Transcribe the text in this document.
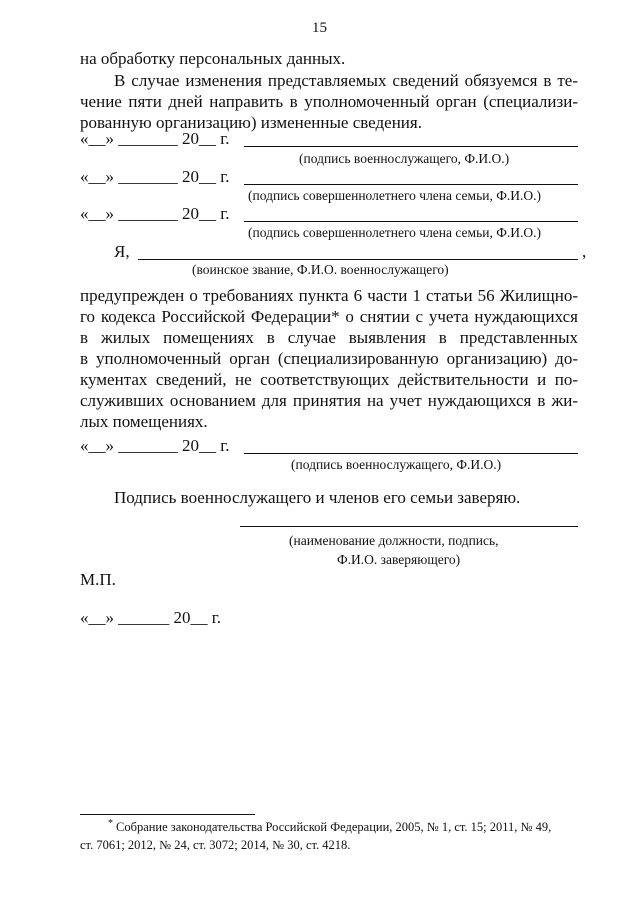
15
на обработку персональных данных.
В случае изменения представляемых сведений обязуемся в те-
чение пяти дней направить в уполномоченный орган (специализи-
рованную организацию) измененные сведения.
«__» _______ 20__ г.
(подпись военнослужащего, Ф.И.О.)
«__» _______ 20__ г.
(подпись совершеннолетнего члена семьи, Ф.И.О.)
«__» _______ 20__ г.
(подпись совершеннолетнего члена семьи, Ф.И.О.)
Я,	,
(воинское звание, Ф.И.О. военнослужащего)
предупрежден о требованиях пункта 6 части 1 статьи 56 Жилищно-
го кодекса Российской Федерации* о снятии с учета нуждающихся
в жилых помещениях в случае выявления в представленных
в уполномоченный орган (специализированную организацию) до-
кументах сведений, не соответствующих действительности и по-
служивших основанием для принятия на учет нуждающихся в жи-
лых помещениях.
«__» _______ 20__ г.
(подпись военнослужащего, Ф.И.О.)
Подпись военнослужащего и членов его семьи заверяю.
(наименование должности, подпись,
Ф.И.О. заверяющего)
М.П.
«__» ______ 20__ г.
* Собрание законодательства Российской Федерации, 2005, № 1, ст. 15; 2011, № 49,
ст. 7061; 2012, № 24, ст. 3072; 2014, № 30, ст. 4218.
